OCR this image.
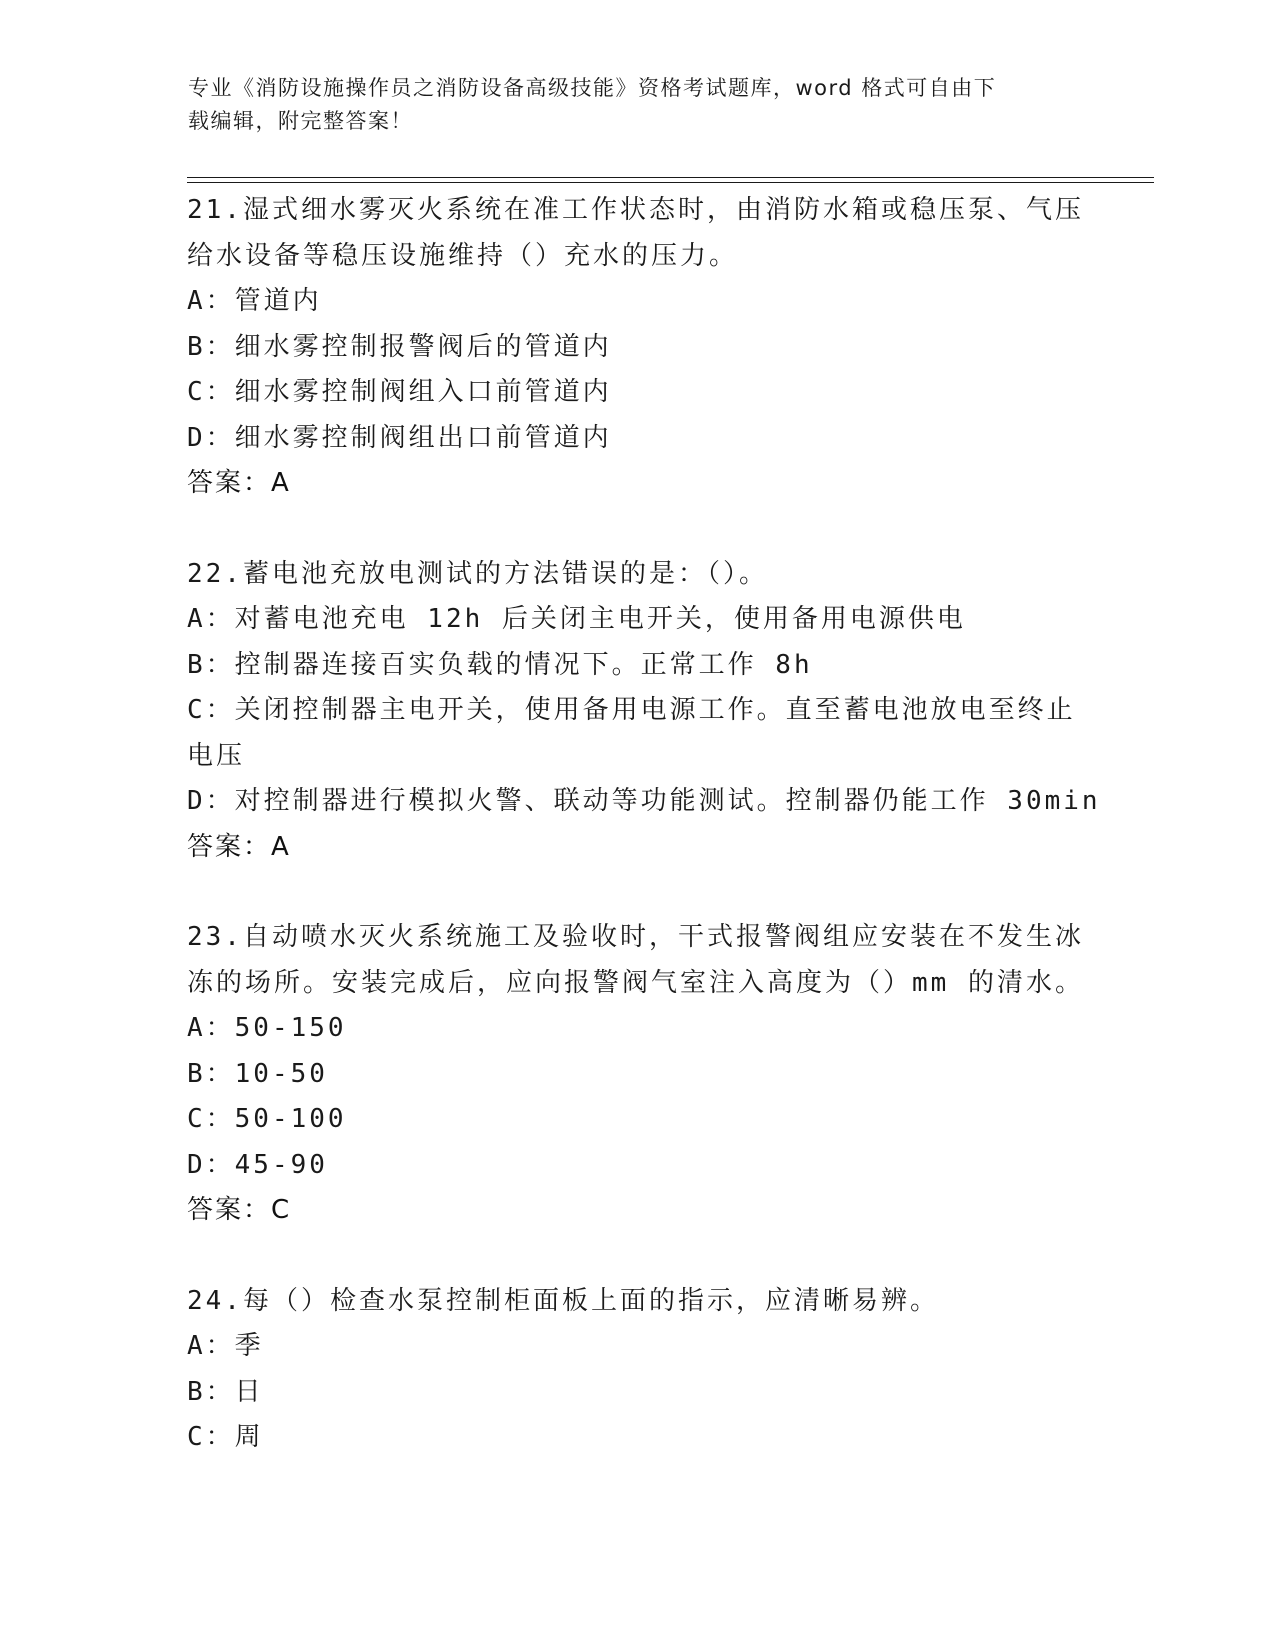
专业《消防设施操作员之消防设备高级技能》资格考试题库，word 格式可自由下
载编辑，附完整答案！
21.湿式细水雾灭火系统在准工作状态时，由消防水箱或稳压泵、气压
给水设备等稳压设施维持（）充水的压力。
A：管道内
B：细水雾控制报警阀后的管道内
C：细水雾控制阀组入口前管道内
D：细水雾控制阀组出口前管道内
答案：A
22.蓄电池充放电测试的方法错误的是：（）。
A：对蓄电池充电 12h 后关闭主电开关，使用备用电源供电
B：控制器连接百实负载的情况下。正常工作 8h
C：关闭控制器主电开关，使用备用电源工作。直至蓄电池放电至终止
电压
D：对控制器进行模拟火警、联动等功能测试。控制器仍能工作 30min
答案：A
23.自动喷水灭火系统施工及验收时，干式报警阀组应安装在不发生冰
冻的场所。安装完成后，应向报警阀气室注入高度为（）mm 的清水。
A：50-150
B：10-50
C：50-100
D：45-90
答案：C
24.每（）检查水泵控制柜面板上面的指示，应清晰易辨。
A：季
B：日
C：周
